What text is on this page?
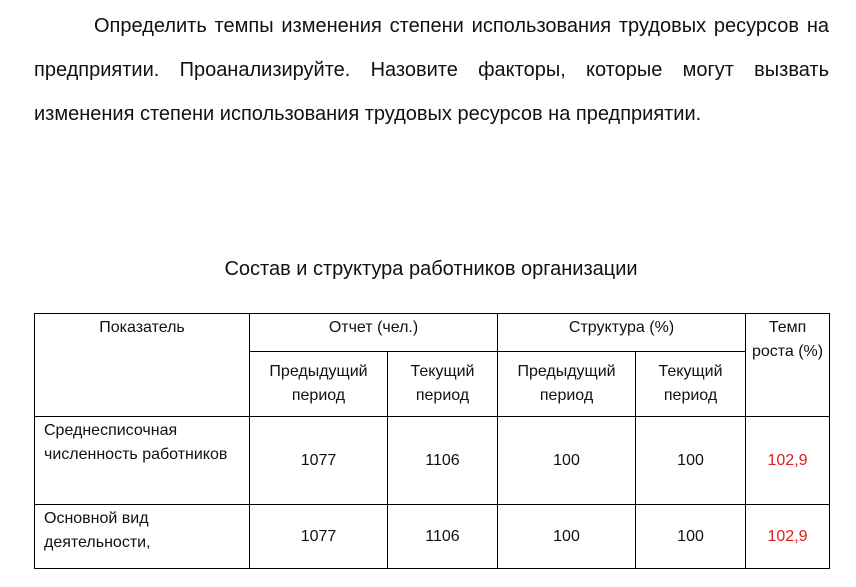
Определить темпы изменения степени использования трудовых ресурсов на предприятии. Проанализируйте. Назовите факторы, которые могут вызвать изменения степени использования трудовых ресурсов на предприятии.

Состав и структура работников организации

Показатель	Отчет (чел.)		Структура (%)		Темп роста (%)
	Предыдущий период	Текущий период	Предыдущий период	Текущий период	
Среднесписочная численность работников	1077	1106	100	100	102,9
Основной вид деятельности,	1077	1106	100	100	102,9
